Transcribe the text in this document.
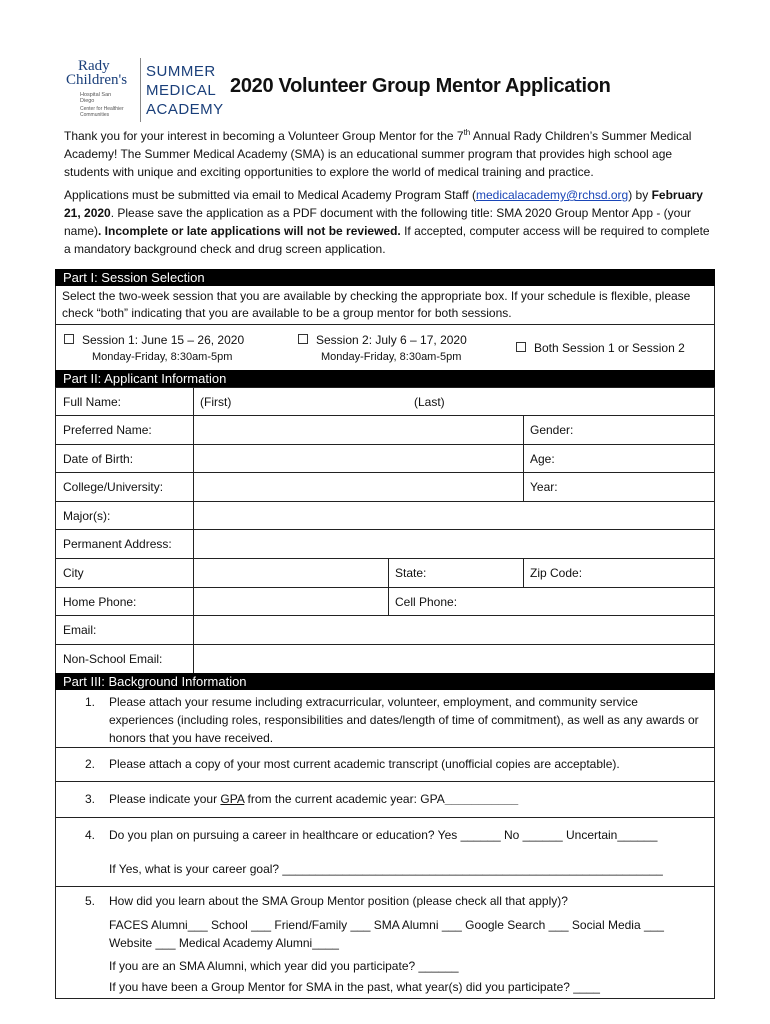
Rady
Children's
Hospital San Diego
Center for Healthier Communities
SUMMER
MEDICAL
ACADEMY
2020 Volunteer Group Mentor Application
Thank you for your interest in becoming a Volunteer Group Mentor for the 7th Annual Rady Children’s Summer Medical Academy! The Summer Medical Academy (SMA) is an educational summer program that provides high school age students with unique and exciting opportunities to explore the world of medical training and practice.
Applications must be submitted via email to Medical Academy Program Staff (medicalacademy@rchsd.org) by February 21, 2020. Please save the application as a PDF document with the following title: SMA 2020 Group Mentor App - (your name). Incomplete or late applications will not be reviewed. If accepted, computer access will be required to complete a mandatory background check and drug screen application.
Part I: Session Selection
Select the two-week session that you are available by checking the appropriate box. If your schedule is flexible, please check “both” indicating that you are available to be a group mentor for both sessions.
Session 1: June 15 – 26, 2020
Monday-Friday, 8:30am-5pm
Session 2: July 6 – 17, 2020
Monday-Friday, 8:30am-5pm
Both Session 1 or Session 2
Part II: Applicant Information
Full Name:	(First)	(Last)
Preferred Name:	Gender:
Date of Birth:	Age:
College/University:	Year:
Major(s):
Permanent Address:
City	State:	Zip Code:
Home Phone:	Cell Phone:
Email:
Non-School Email:
Part III: Background Information
1. Please attach your resume including extracurricular, volunteer, employment, and community service experiences (including roles, responsibilities and dates/length of time of commitment), as well as any awards or honors that you have received.
2. Please attach a copy of your most current academic transcript (unofficial copies are acceptable).
3. Please indicate your GPA from the current academic year: GPA___________
4. Do you plan on pursuing a career in healthcare or education? Yes ______ No ______ Uncertain______
If Yes, what is your career goal? _________________________________________________________
5. How did you learn about the SMA Group Mentor position (please check all that apply)?
FACES Alumni___ School ___ Friend/Family ___ SMA Alumni ___ Google Search ___ Social Media ___
Website ___ Medical Academy Alumni____
If you are an SMA Alumni, which year did you participate? ______
If you have been a Group Mentor for SMA in the past, what year(s) did you participate? ____
